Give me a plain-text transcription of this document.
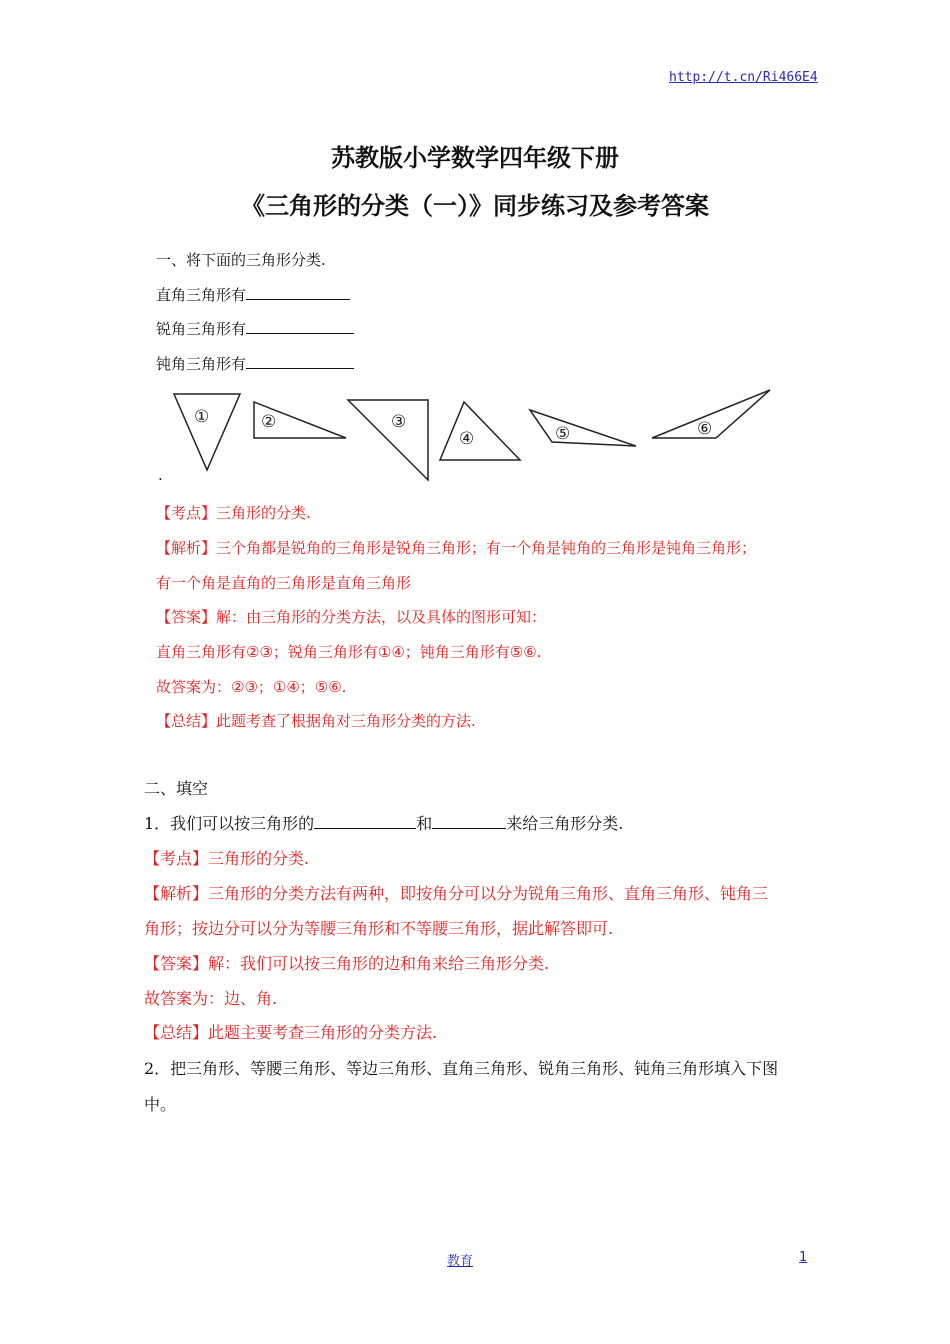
http://t.cn/Ri466E4
苏教版小学数学四年级下册
《三角形的分类（一）》同步练习及参考答案
一、将下面的三角形分类.
直角三角形有
锐角三角形有
钝角三角形有
①	②	③
④	⑤	⑥
.
【考点】三角形的分类.
【解析】三个角都是锐角的三角形是锐角三角形；有一个角是钝角的三角形是钝角三角形；
有一个角是直角的三角形是直角三角形
【答案】解：由三角形的分类方法，以及具体的图形可知：
直角三角形有②③；锐角三角形有①④；钝角三角形有⑤⑥.
故答案为：②③；①④；⑤⑥.
【总结】此题考查了根据角对三角形分类的方法.
二、填空
1．我们可以按三角形的	和	来给三角形分类.
【考点】三角形的分类.
【解析】三角形的分类方法有两种，即按角分可以分为锐角三角形、直角三角形、钝角三
角形；按边分可以分为等腰三角形和不等腰三角形，据此解答即可.
【答案】解：我们可以按三角形的边和角来给三角形分类.
故答案为：边、角.
【总结】此题主要考查三角形的分类方法.
2．把三角形、等腰三角形、等边三角形、直角三角形、锐角三角形、钝角三角形填入下图
中。
教育	1
